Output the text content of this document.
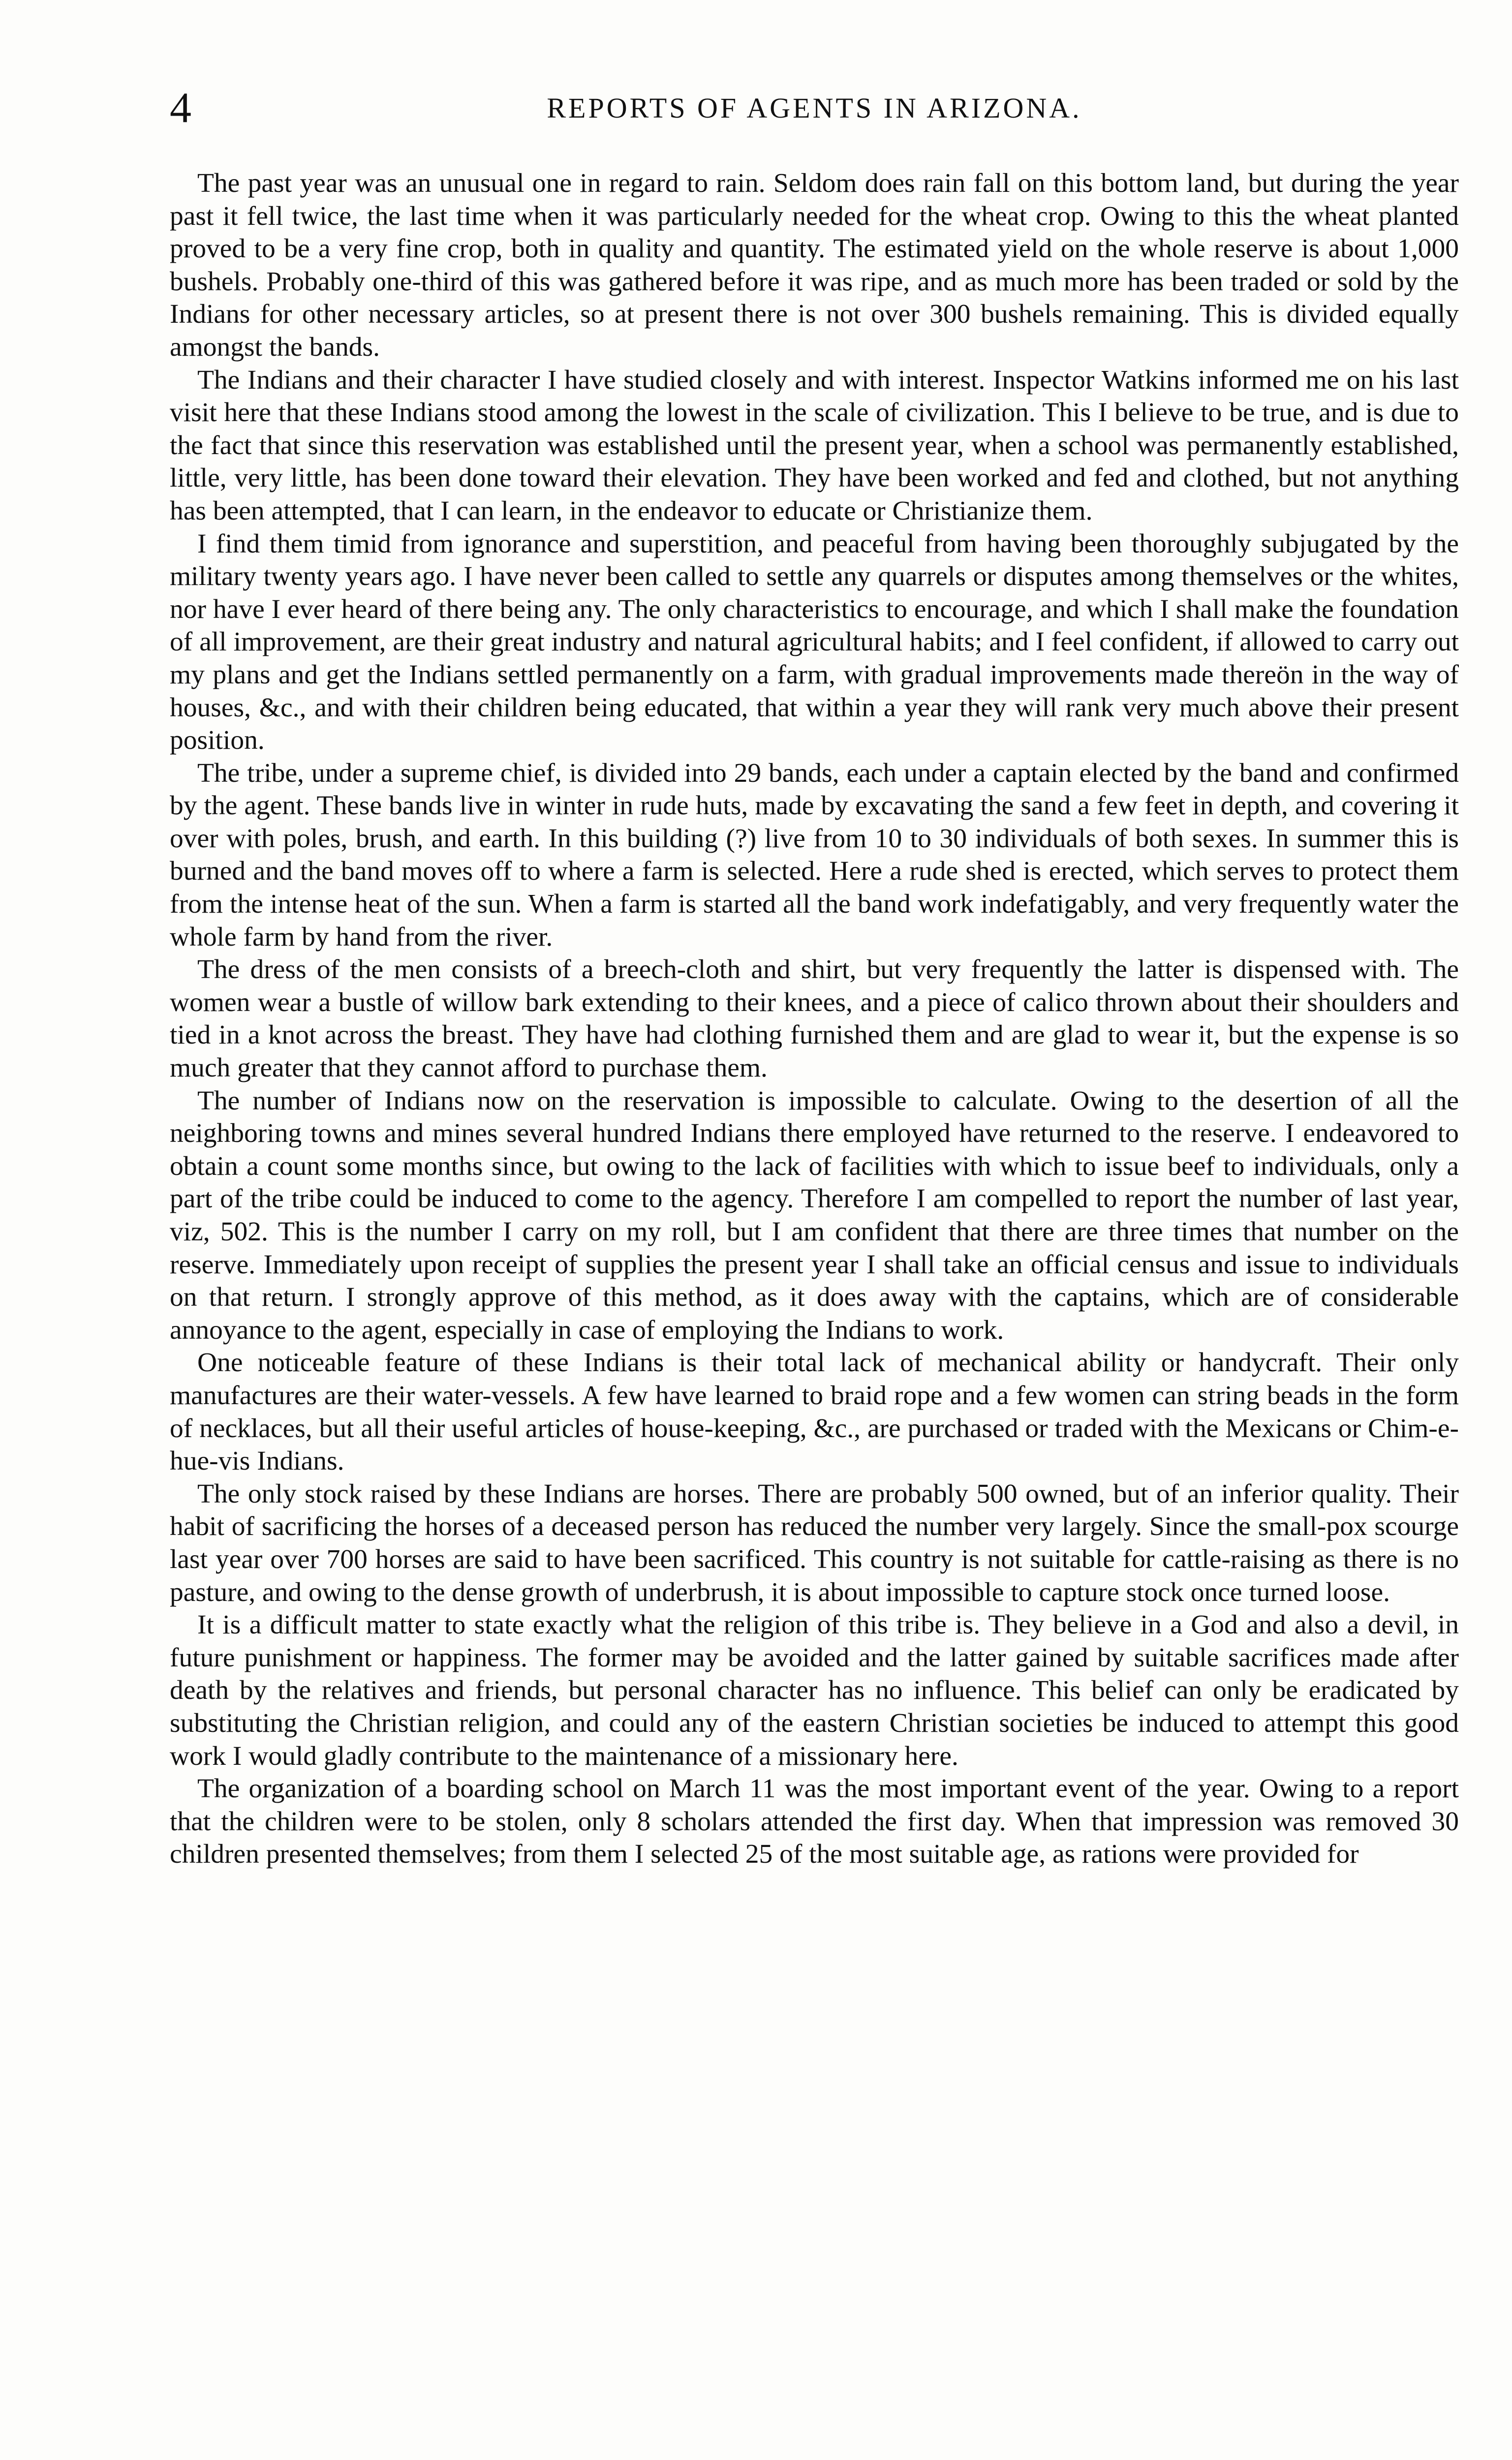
4	REPORTS OF AGENTS IN ARIZONA.

The past year was an unusual one in regard to rain. Seldom does rain fall on this bottom land, but during the year past it fell twice, the last time when it was particularly needed for the wheat crop. Owing to this the wheat planted proved to be a very fine crop, both in quality and quantity. The estimated yield on the whole reserve is about 1,000 bushels. Probably one-third of this was gathered before it was ripe, and as much more has been traded or sold by the Indians for other necessary articles, so at present there is not over 300 bushels remaining. This is divided equally amongst the bands.

The Indians and their character I have studied closely and with interest. Inspector Watkins informed me on his last visit here that these Indians stood among the lowest in the scale of civilization. This I believe to be true, and is due to the fact that since this reservation was established until the present year, when a school was permanently established, little, very little, has been done toward their elevation. They have been worked and fed and clothed, but not anything has been attempted, that I can learn, in the endeavor to educate or Christianize them.

I find them timid from ignorance and superstition, and peaceful from having been thoroughly subjugated by the military twenty years ago. I have never been called to settle any quarrels or disputes among themselves or the whites, nor have I ever heard of there being any. The only characteristics to encourage, and which I shall make the foundation of all improvement, are their great industry and natural agricultural habits; and I feel confident, if allowed to carry out my plans and get the Indians settled permanently on a farm, with gradual improvements made thereön in the way of houses, &c., and with their children being educated, that within a year they will rank very much above their present position.

The tribe, under a supreme chief, is divided into 29 bands, each under a captain elected by the band and confirmed by the agent. These bands live in winter in rude huts, made by excavating the sand a few feet in depth, and covering it over with poles, brush, and earth. In this building (?) live from 10 to 30 individuals of both sexes. In summer this is burned and the band moves off to where a farm is selected. Here a rude shed is erected, which serves to protect them from the intense heat of the sun. When a farm is started all the band work indefatigably, and very frequently water the whole farm by hand from the river.

The dress of the men consists of a breech-cloth and shirt, but very frequently the latter is dispensed with. The women wear a bustle of willow bark extending to their knees, and a piece of calico thrown about their shoulders and tied in a knot across the breast. They have had clothing furnished them and are glad to wear it, but the expense is so much greater that they cannot afford to purchase them.

The number of Indians now on the reservation is impossible to calculate. Owing to the desertion of all the neighboring towns and mines several hundred Indians there employed have returned to the reserve. I endeavored to obtain a count some months since, but owing to the lack of facilities with which to issue beef to individuals, only a part of the tribe could be induced to come to the agency. Therefore I am compelled to report the number of last year, viz, 502. This is the number I carry on my roll, but I am confident that there are three times that number on the reserve. Immediately upon receipt of supplies the present year I shall take an official census and issue to individuals on that return. I strongly approve of this method, as it does away with the captains, which are of considerable annoyance to the agent, especially in case of employing the Indians to work.

One noticeable feature of these Indians is their total lack of mechanical ability or handycraft. Their only manufactures are their water-vessels. A few have learned to braid rope and a few women can string beads in the form of necklaces, but all their useful articles of house-keeping, &c., are purchased or traded with the Mexicans or Chim-e-hue-vis Indians.

The only stock raised by these Indians are horses. There are probably 500 owned, but of an inferior quality. Their habit of sacrificing the horses of a deceased person has reduced the number very largely. Since the small-pox scourge last year over 700 horses are said to have been sacrificed. This country is not suitable for cattle-raising as there is no pasture, and owing to the dense growth of underbrush, it is about impossible to capture stock once turned loose.

It is a difficult matter to state exactly what the religion of this tribe is. They believe in a God and also a devil, in future punishment or happiness. The former may be avoided and the latter gained by suitable sacrifices made after death by the relatives and friends, but personal character has no influence. This belief can only be eradicated by substituting the Christian religion, and could any of the eastern Christian societies be induced to attempt this good work I would gladly contribute to the maintenance of a missionary here.

The organization of a boarding school on March 11 was the most important event of the year. Owing to a report that the children were to be stolen, only 8 scholars attended the first day. When that impression was removed 30 children presented themselves; from them I selected 25 of the most suitable age, as rations were provided for
